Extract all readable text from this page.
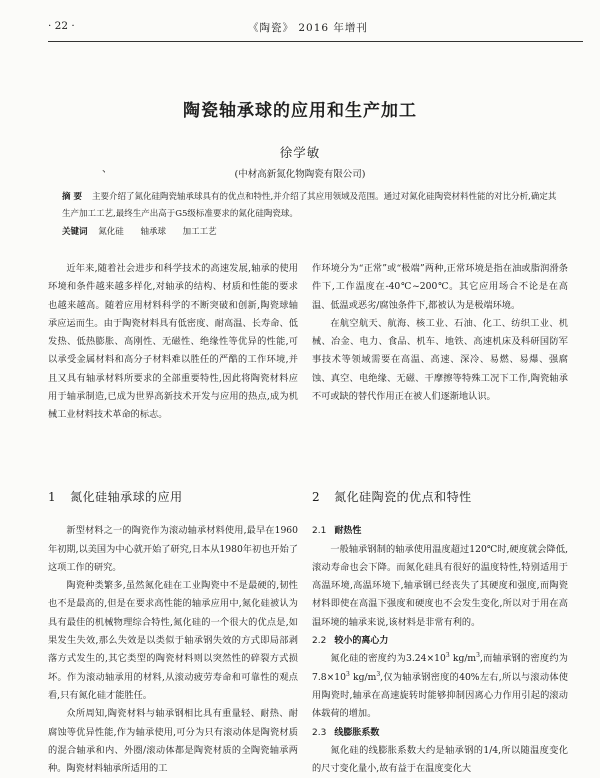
· 22 ·	《陶瓷》 2016 年增刊
陶瓷轴承球的应用和生产加工
、
徐学敏
(中材高新氮化物陶瓷有限公司)
摘 要 主要介绍了氮化硅陶瓷轴承球具有的优点和特性,并介绍了其应用领域及范围。通过对氮化硅陶瓷材料性能的对比分析,确定其生产加工工艺,最终生产出高于G5级标准要求的氮化硅陶瓷球。
关键词 氮化硅 轴承球 加工工艺

近年来,随着社会进步和科学技术的高速发展,轴承的使用环境和条件越来越多样化,对轴承的结构、材质和性能的要求也越来越高。随着应用材料科学的不断突破和创新,陶瓷球轴承应运而生。由于陶瓷材料具有低密度、耐高温、长寿命、低发热、低热膨胀、高刚性、无磁性、绝缘性等优异的性能,可以承受金属材料和高分子材料难以胜任的严酷的工作环境,并且又具有轴承材料所要求的全部重要特性,因此将陶瓷材料应用于轴承制造,已成为世界高新技术开发与应用的热点,成为机械工业材料技术革命的标志。

作环境分为“正常”或“极端”两种,正常环境是指在油或脂润滑条件下,工作温度在-40℃~200℃。其它应用场合不论是在高温、低温或恶劣/腐蚀条件下,都被认为是极端环境。

在航空航天、航海、核工业、石油、化工、纺织工业、机械、冶金、电力、食品、机车、地铁、高速机床及科研国防军事技术等领域需要在高温、高速、深冷、易燃、易爆、强腐蚀、真空、电绝缘、无磁、干摩擦等特殊工况下工作,陶瓷轴承不可或缺的替代作用正在被人们逐渐地认识。

1 氮化硅轴承球的应用

新型材料之一的陶瓷作为滚动轴承材料使用,最早在1960年初期,以美国为中心就开始了研究,日本从1980年初也开始了这项工作的研究。

陶瓷种类繁多,虽然氮化硅在工业陶瓷中不是最硬的,韧性也不是最高的,但是在要求高性能的轴承应用中,氮化硅被认为具有最佳的机械物理综合特性,氮化硅的一个很大的优点是,如果发生失效,那么失效是以类似于轴承钢失效的方式即局部剥落方式发生的,其它类型的陶瓷材料则以突然性的碎裂方式损坏。作为滚动轴承用的材料,从滚动疲劳寿命和可靠性的观点看,只有氮化硅才能胜任。

众所周知,陶瓷材料与轴承钢相比具有重量轻、耐热、耐腐蚀等优异性能,作为轴承使用,可分为只有滚动体是陶瓷材质的混合轴承和内、外圈/滚动体都是陶瓷材质的全陶瓷轴承两种。陶瓷材料轴承所适用的工

2 氮化硅陶瓷的优点和特性
2.1 耐热性

一般轴承钢制的轴承使用温度超过120℃时,硬度就会降低,滚动寿命也会下降。而氮化硅具有很好的温度特性,特别适用于高温环境,高温环境下,轴承钢已经丧失了其硬度和强度,而陶瓷材料即使在高温下强度和硬度也不会发生变化,所以对于用在高温环境的轴承来说,该材料是非常有利的。

2.2 较小的离心力

氮化硅的密度约为$3.24\times 10^3$ $kg/m^3$,而轴承钢的密度约为$7.8\times 10^3$ $kg/m^3$,仅为轴承钢密度的40%左右,所以与滚动体使用陶瓷时,轴承在高速旋转时能够抑制因离心力作用引起的滚动体载荷的增加。

2.3 线膨胀系数

氮化硅的线膨胀系数大约是轴承钢的1/4,所以随温度变化的尺寸变化量小,故有益于在温度变化大
